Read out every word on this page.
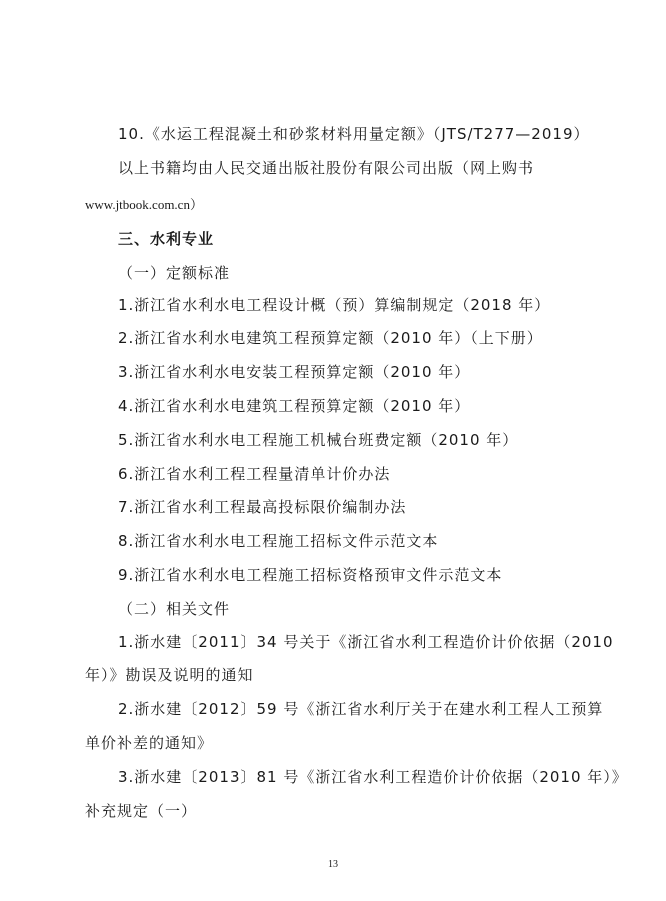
10.《水运工程混凝土和砂浆材料用量定额》（JTS/T277—2019）
以上书籍均由人民交通出版社股份有限公司出版（网上购书
www.jtbook.com.cn）
三、水利专业
（一）定额标准
1.浙江省水利水电工程设计概（预）算编制规定（2018 年）
2.浙江省水利水电建筑工程预算定额（2010 年）（上下册）
3.浙江省水利水电安装工程预算定额（2010 年）
4.浙江省水利水电建筑工程预算定额（2010 年）
5.浙江省水利水电工程施工机械台班费定额（2010 年）
6.浙江省水利工程工程量清单计价办法
7.浙江省水利工程最高投标限价编制办法
8.浙江省水利水电工程施工招标文件示范文本
9.浙江省水利水电工程施工招标资格预审文件示范文本
（二）相关文件
1.浙水建〔2011〕34 号关于《浙江省水利工程造价计价依据（2010
年）》勘误及说明的通知
2.浙水建〔2012〕59 号《浙江省水利厅关于在建水利工程人工预算
单价补差的通知》
3.浙水建〔2013〕81 号《浙江省水利工程造价计价依据（2010 年）》
补充规定（一）
13
